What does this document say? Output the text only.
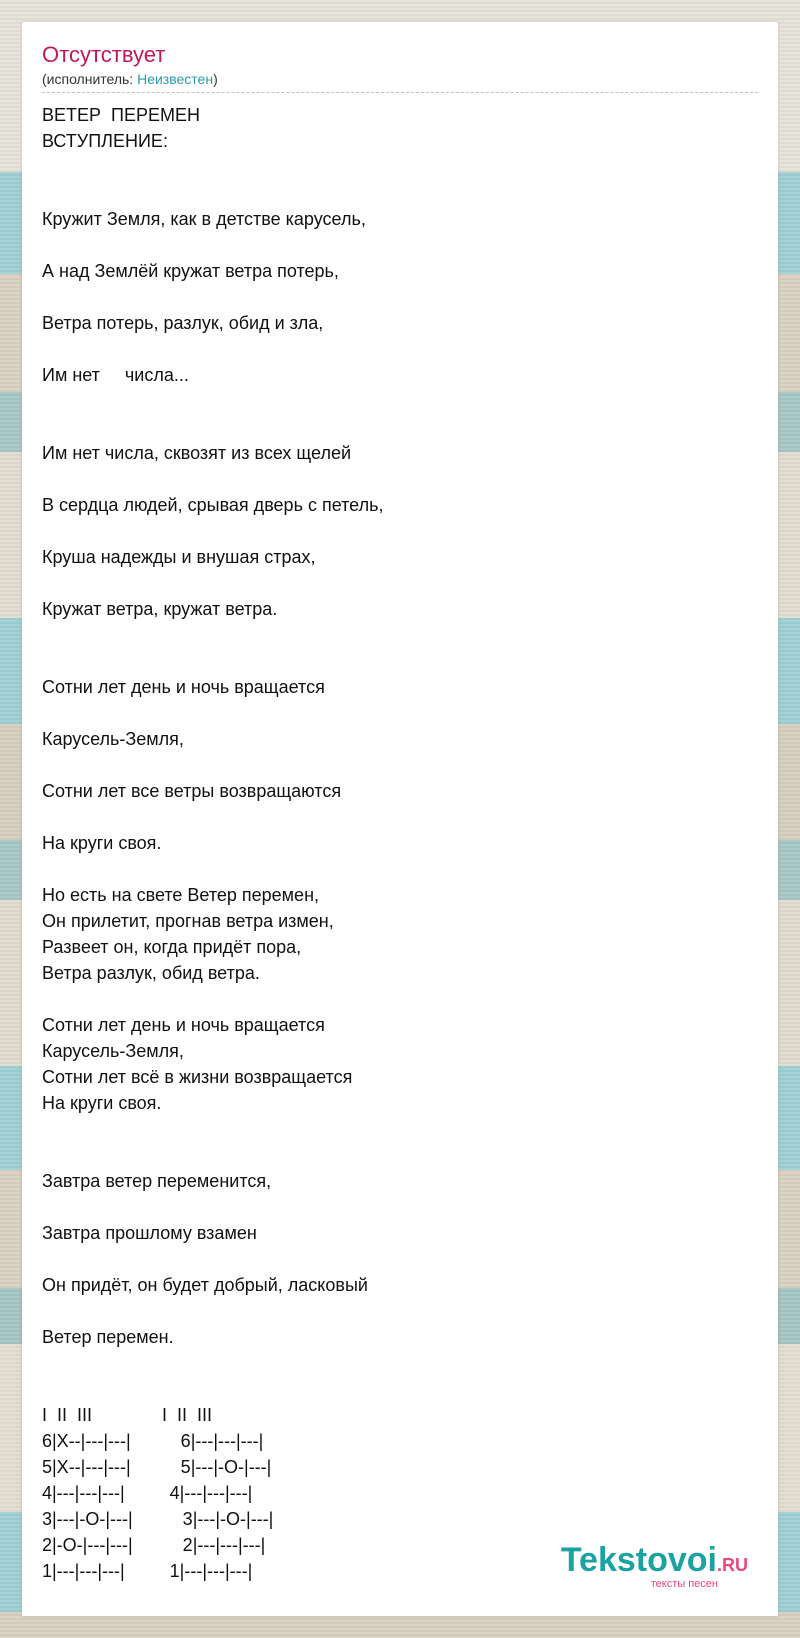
Отсутствует
(исполнитель: Неизвестен)
ВЕТЕР  ПЕРЕМЕН
ВСТУПЛЕНИЕ:
Кружит Земля, как в детстве карусель,
А над Землёй кружат ветра потерь,
Ветра потерь, разлук, обид и зла,
Им нет     числа...
Им нет числа, сквозят из всех щелей
В сердца людей, срывая дверь с петель,
Круша надежды и внушая страх,
Кружат ветра, кружат ветра.
Сотни лет день и ночь вращается
Карусель-Земля,
Сотни лет все ветры возвращаются
На круги своя.
Но есть на свете Ветер перемен,
Он прилетит, прогнав ветра измен,
Развеет он, когда придёт пора,
Ветра разлук, обид ветра.
Сотни лет день и ночь вращается
Карусель-Земля,
Сотни лет всё в жизни возвращается
На круги своя.
Завтра ветер переменится,
Завтра прошлому взамен
Он придёт, он будет добрый, ласковый
Ветер перемен.
I  II  III              I  II  III
6|X--|---|---|          6|---|---|---|
5|X--|---|---|          5|---|-O-|---|
4|---|---|---|         4|---|---|---|
3|---|-O-|---|          3|---|-O-|---|
2|-O-|---|---|          2|---|---|---|
1|---|---|---|         1|---|---|---|	Tekstovoi.RU
тексты песен
